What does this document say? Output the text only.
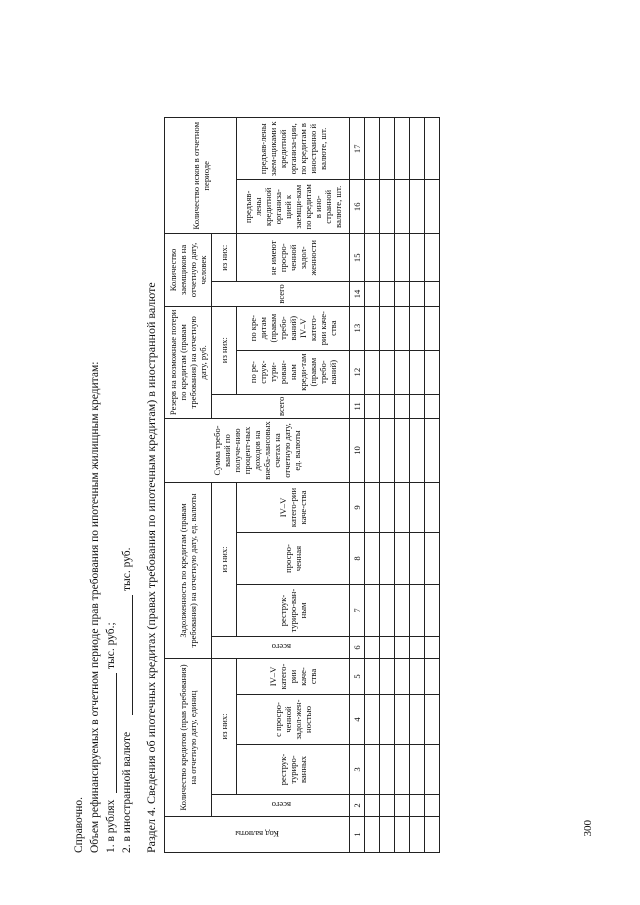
Справочно. Объем рефинансируемых в отчетном периоде прав требования по ипотечным жилищным кредитам: 1. в рублях
тыс. руб.;
2. в иностранной валюте
тыс. руб. Раздел 4. Сведения об ипотечных кредитах (правах требования по ипотечным кредитам) в иностранной валюте	300
Код валюты	Количество кредитов (прав требования) на отчетную дату, единиц				Задолженность по кредитам (правам требования) на отчетную дату, ед. валюты				Сумма требо-ваний по получе-нию процент-ных доходов на внеба-лансовых счетах на отчетную дату, ед. валюты	Резерв на возможные потери по кредитам (правам требования) на отчетную дату, руб.			Количество заемщиков на отчетную дату, человек		Количество исков в отчетном периоде	
	всего	из них:			всего	из них:				всего	из них:		всего	из них:		
		реструк-туриро-ванных	с просро-ченной задол-жен-ностью	IV–V катего-рии каче-ства		реструк-турирo-ван-ным	просро-ченная	IV–V катего-рии каче-ства			по ре-струк-тури-рован-ным креди-там (правам требо-ваний)	по кре-дитам (правам требо-ваний) IV–V катего-рии каче-ства		не имеют просро-ченной задол-женности	предъяв-лены кредитной организа-цией к заемщи-кам по кредитам в ино-странной валюте, шт.	предъяв-лены заем-щиками к кредитной организа-ции, по кредитам в иностранно й валюте, шт.
1	2	3	4	5	6	7	8	9	10	11	12	13	14	15	16	17
